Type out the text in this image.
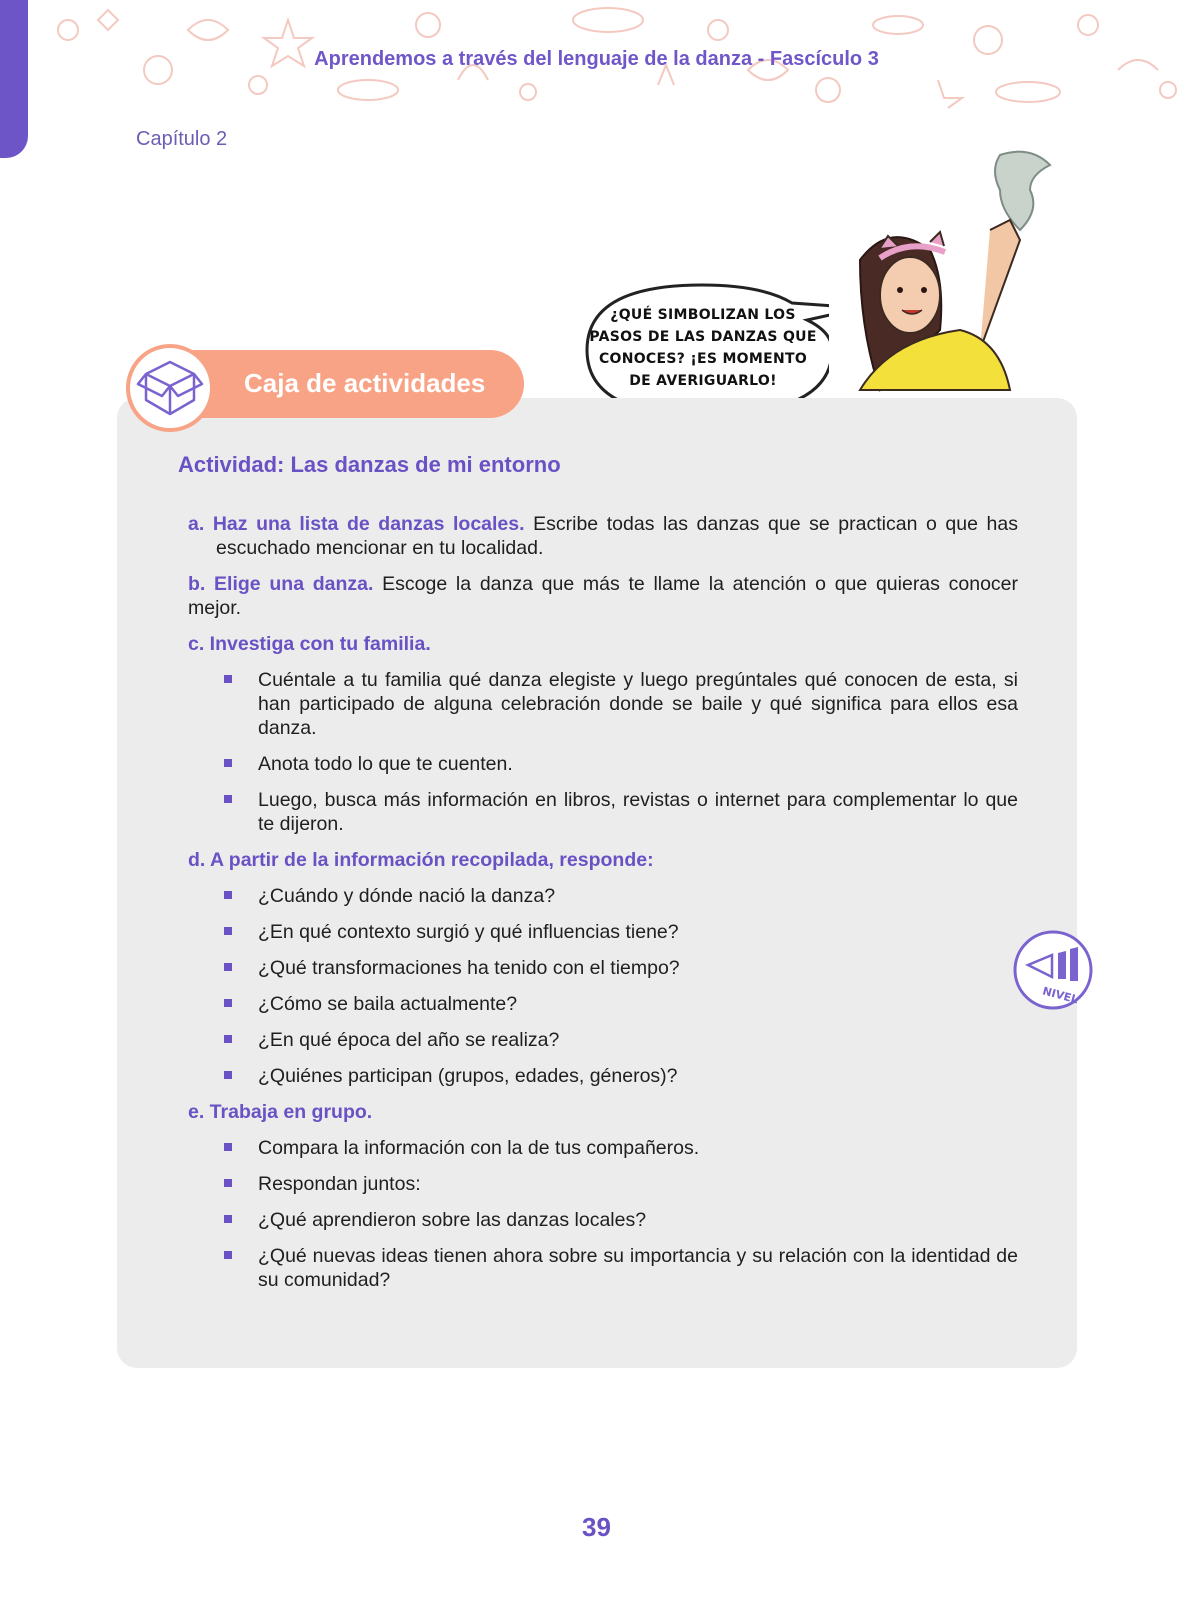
Aprendemos a través del lenguaje de la danza - Fascículo 3
Capítulo 2
¿QUÉ SIMBOLIZAN LOS
PASOS DE LAS DANZAS QUE
CONOCES? ¡ES MOMENTO
DE AVERIGUARLO!
Caja de actividades
Actividad: Las danzas de mi entorno
a. Haz una lista de danzas locales. Escribe todas las danzas que se practican o que has escuchado mencionar en tu localidad.
b. Elige una danza. Escoge la danza que más te llame la atención o que quieras conocer mejor.
c. Investiga con tu familia.
Cuéntale a tu familia qué danza elegiste y luego pregúntales qué conocen de esta, si han participado de alguna celebración donde se baile y qué significa para ellos esa danza.
Anota todo lo que te cuenten.
Luego, busca más información en libros, revistas o internet para complementar lo que te dijeron.
d. A partir de la información recopilada, responde:
¿Cuándo y dónde nació la danza?
¿En qué contexto surgió y qué influencias tiene?
¿Qué transformaciones ha tenido con el tiempo?
¿Cómo se baila actualmente?
¿En qué época del año se realiza?
¿Quiénes participan (grupos, edades, géneros)?
e. Trabaja en grupo.
Compara la información con la de tus compañeros.
Respondan juntos:
¿Qué aprendieron sobre las danzas locales?
¿Qué nuevas ideas tienen ahora sobre su importancia y su relación con la identidad de su comunidad?
NIVEL
39
